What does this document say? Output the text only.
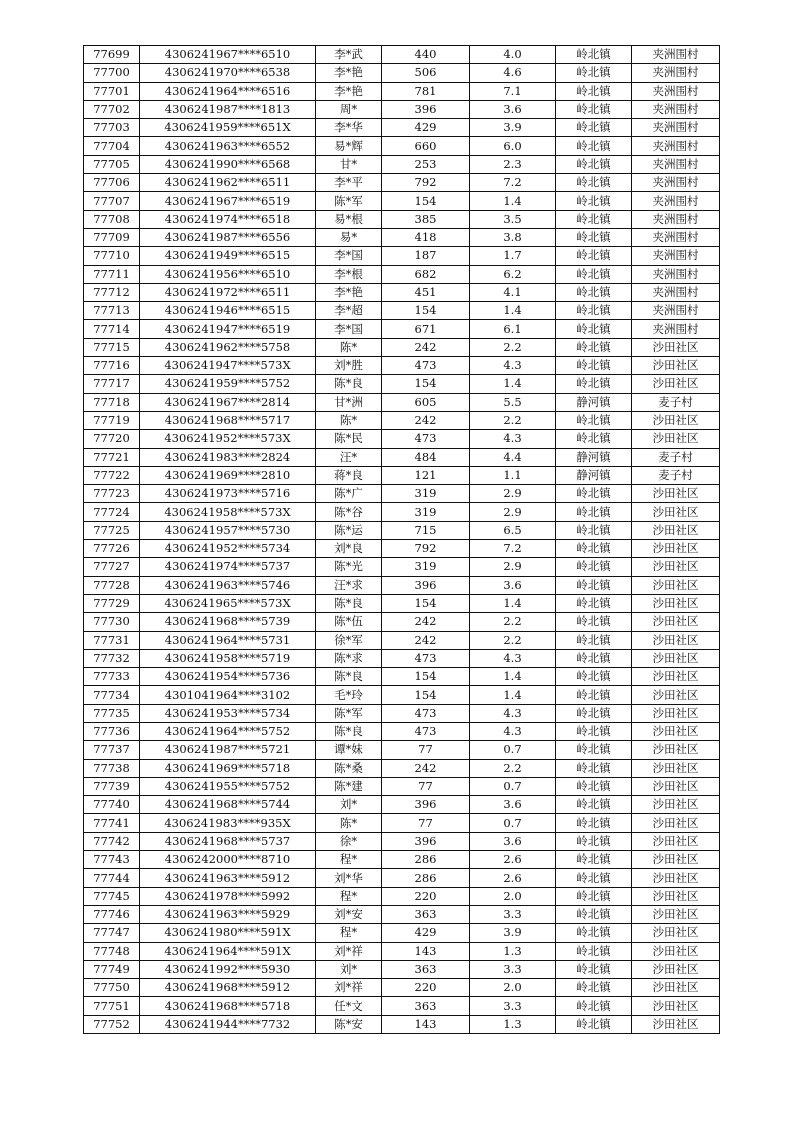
77699	4306241967****6510	李*武	440	4.0	岭北镇	夹洲围村
77700	4306241970****6538	李*艳	506	4.6	岭北镇	夹洲围村
77701	4306241964****6516	李*艳	781	7.1	岭北镇	夹洲围村
77702	4306241987****1813	周*	396	3.6	岭北镇	夹洲围村
77703	4306241959****651X	李*华	429	3.9	岭北镇	夹洲围村
77704	4306241963****6552	易*辉	660	6.0	岭北镇	夹洲围村
77705	4306241990****6568	甘*	253	2.3	岭北镇	夹洲围村
77706	4306241962****6511	李*平	792	7.2	岭北镇	夹洲围村
77707	4306241967****6519	陈*军	154	1.4	岭北镇	夹洲围村
77708	4306241974****6518	易*根	385	3.5	岭北镇	夹洲围村
77709	4306241987****6556	易*	418	3.8	岭北镇	夹洲围村
77710	4306241949****6515	李*国	187	1.7	岭北镇	夹洲围村
77711	4306241956****6510	李*根	682	6.2	岭北镇	夹洲围村
77712	4306241972****6511	李*艳	451	4.1	岭北镇	夹洲围村
77713	4306241946****6515	李*超	154	1.4	岭北镇	夹洲围村
77714	4306241947****6519	李*国	671	6.1	岭北镇	夹洲围村
77715	4306241962****5758	陈*	242	2.2	岭北镇	沙田社区
77716	4306241947****573X	刘*胜	473	4.3	岭北镇	沙田社区
77717	4306241959****5752	陈*良	154	1.4	岭北镇	沙田社区
77718	4306241967****2814	甘*洲	605	5.5	静河镇	麦子村
77719	4306241968****5717	陈*	242	2.2	岭北镇	沙田社区
77720	4306241952****573X	陈*民	473	4.3	岭北镇	沙田社区
77721	4306241983****2824	汪*	484	4.4	静河镇	麦子村
77722	4306241969****2810	蒋*良	121	1.1	静河镇	麦子村
77723	4306241973****5716	陈*广	319	2.9	岭北镇	沙田社区
77724	4306241958****573X	陈*谷	319	2.9	岭北镇	沙田社区
77725	4306241957****5730	陈*运	715	6.5	岭北镇	沙田社区
77726	4306241952****5734	刘*良	792	7.2	岭北镇	沙田社区
77727	4306241974****5737	陈*光	319	2.9	岭北镇	沙田社区
77728	4306241963****5746	汪*求	396	3.6	岭北镇	沙田社区
77729	4306241965****573X	陈*良	154	1.4	岭北镇	沙田社区
77730	4306241968****5739	陈*伍	242	2.2	岭北镇	沙田社区
77731	4306241964****5731	徐*军	242	2.2	岭北镇	沙田社区
77732	4306241958****5719	陈*求	473	4.3	岭北镇	沙田社区
77733	4306241954****5736	陈*良	154	1.4	岭北镇	沙田社区
77734	4301041964****3102	毛*玲	154	1.4	岭北镇	沙田社区
77735	4306241953****5734	陈*军	473	4.3	岭北镇	沙田社区
77736	4306241964****5752	陈*良	473	4.3	岭北镇	沙田社区
77737	4306241987****5721	谭*妹	77	0.7	岭北镇	沙田社区
77738	4306241969****5718	陈*桑	242	2.2	岭北镇	沙田社区
77739	4306241955****5752	陈*建	77	0.7	岭北镇	沙田社区
77740	4306241968****5744	刘*	396	3.6	岭北镇	沙田社区
77741	4306241983****935X	陈*	77	0.7	岭北镇	沙田社区
77742	4306241968****5737	徐*	396	3.6	岭北镇	沙田社区
77743	4306242000****8710	程*	286	2.6	岭北镇	沙田社区
77744	4306241963****5912	刘*华	286	2.6	岭北镇	沙田社区
77745	4306241978****5992	程*	220	2.0	岭北镇	沙田社区
77746	4306241963****5929	刘*安	363	3.3	岭北镇	沙田社区
77747	4306241980****591X	程*	429	3.9	岭北镇	沙田社区
77748	4306241964****591X	刘*祥	143	1.3	岭北镇	沙田社区
77749	4306241992****5930	刘*	363	3.3	岭北镇	沙田社区
77750	4306241968****5912	刘*祥	220	2.0	岭北镇	沙田社区
77751	4306241968****5718	任*文	363	3.3	岭北镇	沙田社区
77752	4306241944****7732	陈*安	143	1.3	岭北镇	沙田社区
